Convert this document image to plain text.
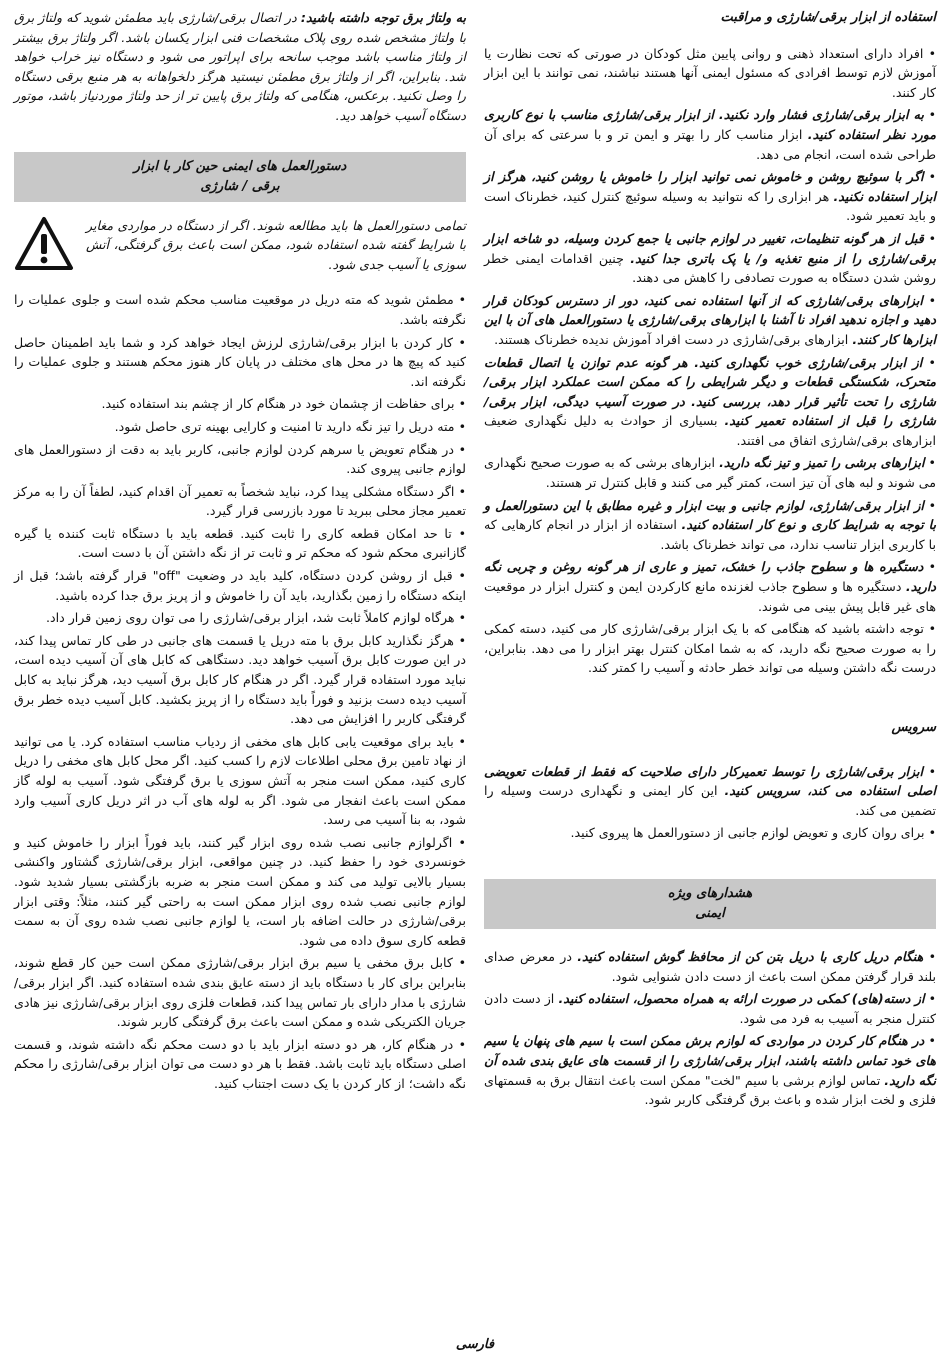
استفاده از ابزار برقی/شارژی و مراقبت
• افراد دارای استعداد ذهنی و روانی پایین مثل کودکان در صورتی که تحت نظارت یا آموزش لازم توسط افرادی که مسئول ایمنی آنها هستند نباشند، نمی توانند با این ابزار کار کنند.
• به ابزار برقی/شارژی فشار وارد نکنید. از ابزار برقی/شارژی مناسب با نوع کاربری مورد نظر استفاده کنید. ابزار مناسب کار را بهتر و ایمن تر و با سرعتی که برای آن طراحی شده است، انجام می دهد.
• اگر با سوئیچ روشن و خاموش نمی توانید ابزار را خاموش یا روشن کنید، هرگز از ابزار استفاده نکنید. هر ابزاری را که نتوانید به وسیله سوئیچ کنترل کنید، خطرناک است و باید تعمیر شود.
• قبل از هر گونه تنظیمات، تغییر در لوازم جانبی یا جمع کردن وسیله، دو شاخه ابزار برقی/شارژی را از منبع تغذیه و/ یا پک باتری جدا کنید. چنین اقدامات ایمنی خطر روشن شدن دستگاه به صورت تصادفی را کاهش می دهند.
• ابزارهای برقی/شارژی که از آنها استفاده نمی کنید، دور از دسترس کودکان قرار دهید و اجازه ندهید افراد نا آشنا با ابزارهای برقی/شارژی یا دستورالعمل های آن با این ابزارها کار کنند. ابزارهای برقی/شارژی در دست افراد آموزش ندیده خطرناک هستند.
• از ابزار برقی/شارژی خوب نگهداری کنید. هر گونه عدم توازن یا اتصال قطعات متحرک، شکستگی قطعات و دیگر شرایطی را که ممکن است عملکرد ابزار برقی/شارژی را تحت تأثیر قرار دهد، بررسی کنید. در صورت آسیب دیدگی، ابزار برقی/شارژی را قبل از استفاده تعمیر کنید. بسیاری از حوادث به دلیل نگهداری ضعیف ابزارهای برقی/شارژی اتفاق می افتند.
• ابزارهای برشی را تمیز و تیز نگه دارید. ابزارهای برشی که به صورت صحیح نگهداری می شوند و لبه های آن تیز است، کمتر گیر می کنند و قابل کنترل تر هستند.
• از ابزار برقی/شارژی، لوازم جانبی و بیت ابزار و غیره مطابق با این دستورالعمل و با توجه به شرایط کاری و نوع کار استفاده کنید. استفاده از ابزار در انجام کارهایی که با کاربری ابزار تناسب ندارد، می تواند خطرناک باشد.
• دستگیره ها و سطوح جاذب را خشک، تمیز و عاری از هر گونه روغن و چربی نگه دارید. دستگیره ها و سطوح جاذب لغزنده مانع کارکردن ایمن و کنترل ابزار در موقعیت های غیر قابل پیش بینی می شوند.
• توجه داشته باشید که هنگامی که با یک ابزار برقی/شارژی کار می کنید، دسته کمکی را به صورت صحیح نگه دارید، که به شما امکان کنترل بهتر ابزار را می دهد. بنابراین، درست نگه داشتن وسیله می تواند خطر حادثه و آسیب را کمتر کند.
سرویس
• ابزار برقی/شارژی را توسط تعمیرکار دارای صلاحیت که فقط از قطعات تعویضی اصلی استفاده می کند، سرویس کنید. این کار ایمنی و نگهداری درست وسیله را تضمین می کند.
• برای روان کاری و تعویض لوازم جانبی از دستورالعمل ها پیروی کنید.
هشدارهای ویژه
ایمنی
• هنگام دریل کاری با دریل بتن کن از محافظ گوش استفاده کنید. در معرض صدای بلند قرار گرفتن ممکن است باعث از دست دادن شنوایی شود.
• از دسته(های) کمکی در صورت ارائه به همراه محصول، استفاده کنید. از دست دادن کنترل منجر به آسیب به فرد می شود.
• در هنگام کار کردن در مواردی که لوازم برش ممکن است با سیم های پنهان یا سیم های خود تماس داشته باشند، ابزار برقی/شارژی را از قسمت های عایق بندی شده آن نگه دارید. تماس لوازم برشی با سیم "لخت" ممکن است باعث انتقال برق به قسمتهای فلزی و لخت ابزار شده و باعث برق گرفتگی کاربر شود.
به ولتاژ برق توجه داشته باشید: در اتصال برقی/شارژی باید مطمئن شوید که ولتاژ برق با ولتاژ مشخص شده روی پلاک مشخصات فنی ابزار یکسان باشد. اگر ولتاژ برق بیشتر از ولتاژ مناسب باشد موجب سانحه برای اپراتور می شود و دستگاه نیز خراب خواهد شد. بنابراین، اگر از ولتاژ برق مطمئن نیستید هرگز دلخواهانه به هر منبع برقی دستگاه را وصل نکنید. برعکس، هنگامی که ولتاژ برق پایین تر از حد ولتاژ موردنیاز باشد، موتور دستگاه آسیب خواهد دید.
دستورالعمل های ایمنی حین کار با ابزار
برقی / شارژی
تمامی دستورالعمل ها باید مطالعه شوند. اگر از دستگاه در مواردی مغایر با شرایط گفته شده استفاده شود، ممکن است باعث برق گرفتگی، آتش سوزی یا آسیب جدی شود.
• مطمئن شوید که مته دریل در موقعیت مناسب محکم شده است و جلوی عملیات را نگرفته باشد.
• کار کردن با ابزار برقی/شارژی لرزش ایجاد خواهد کرد و شما باید اطمینان حاصل کنید که پیچ ها در محل های مختلف در پایان کار هنوز محکم هستند و جلوی عملیات را نگرفته اند.
• برای حفاظت از چشمان خود در هنگام کار از چشم بند استفاده کنید.
• مته دریل را تیز نگه دارید تا امنیت و کارایی بهینه تری حاصل شود.
• در هنگام تعویض یا سرهم کردن لوازم جانبی، کاربر باید به دقت از دستورالعمل های لوازم جانبی پیروی کند.
• اگر دستگاه مشکلی پیدا کرد، نباید شخصاً به تعمیر آن اقدام کنید، لطفاً آن را به مرکز تعمیر مجاز محلی ببرید تا مورد بازرسی قرار گیرد.
• تا حد امکان قطعه کاری را ثابت کنید. قطعه باید با دستگاه ثابت کننده یا گیره گازانبری محکم شود که محکم تر و ثابت تر از نگه داشتن آن با دست است.
• قبل از روشن کردن دستگاه، کلید باید در وضعیت "off" قرار گرفته باشد؛ قبل از اینکه دستگاه را زمین بگذارید، باید آن را خاموش و از پریز برق جدا کرده باشید.
• هرگاه لوازم کاملاً ثابت شد، ابزار برقی/شارژی را می توان روی زمین قرار داد.
• هرگز نگذارید کابل برق با مته دریل یا قسمت های جانبی در طی کار تماس پیدا کند، در این صورت کابل برق آسیب خواهد دید. دستگاهی که کابل های آن آسیب دیده است، نباید مورد استفاده قرار گیرد. اگر در هنگام کار کابل برق آسیب دید، هرگز نباید به کابل آسیب دیده دست بزنید و فوراً باید دستگاه را از پریز بکشید. کابل آسیب دیده خطر برق گرفتگی کاربر را افزایش می دهد.
• باید برای موقعیت یابی کابل های مخفی از ردیاب مناسب استفاده کرد. یا می توانید از نهاد تامین برق محلی اطلاعات لازم را کسب کنید. اگر محل کابل های مخفی را دریل کاری کنید، ممکن است منجر به آتش سوزی یا برق گرفتگی شود. آسیب به لوله گاز ممکن است باعث انفجار می شود. اگر به لوله های آب در اثر دریل کاری آسیب وارد شود، به بنا آسیب می رسد.
• اگرلوازم جانبی نصب شده روی ابزار گیر کنند، باید فوراً ابزار را خاموش کنید و خونسردی خود را حفظ کنید. در چنین مواقعی، ابزار برقی/شارژی گشتاور واکنشی بسیار بالایی تولید می کند و ممکن است منجر به ضربه بازگشتی بسیار شدید شود. لوازم جانبی نصب شده روی ابزار ممکن است به راحتی گیر کنند، مثلاً: وقتی ابزار برقی/شارژی در حالت اضافه بار است، یا لوازم جانبی نصب شده روی آن به سمت قطعه کاری سوق داده می شود.
• کابل برق مخفی یا سیم برق ابزار برقی/شارژی ممکن است حین کار قطع شوند، بنابراین برای کار با دستگاه باید از دسته عایق بندی شده استفاده کنید. اگر ابزار برقی/شارژی با مدار دارای بار تماس پیدا کند، قطعات فلزی روی ابزار برقی/شارژی نیز هادی جریان الکتریکی شده و ممکن است باعث برق گرفتگی کاربر شوند.
• در هنگام کار، هر دو دسته ابزار باید با دو دست محکم نگه داشته شوند، و قسمت اصلی دستگاه باید ثابت باشد. فقط با هر دو دست می توان ابزار برقی/شارژی را محکم نگه داشت؛ از کار کردن با یک دست اجتناب کنید.
فارسی
